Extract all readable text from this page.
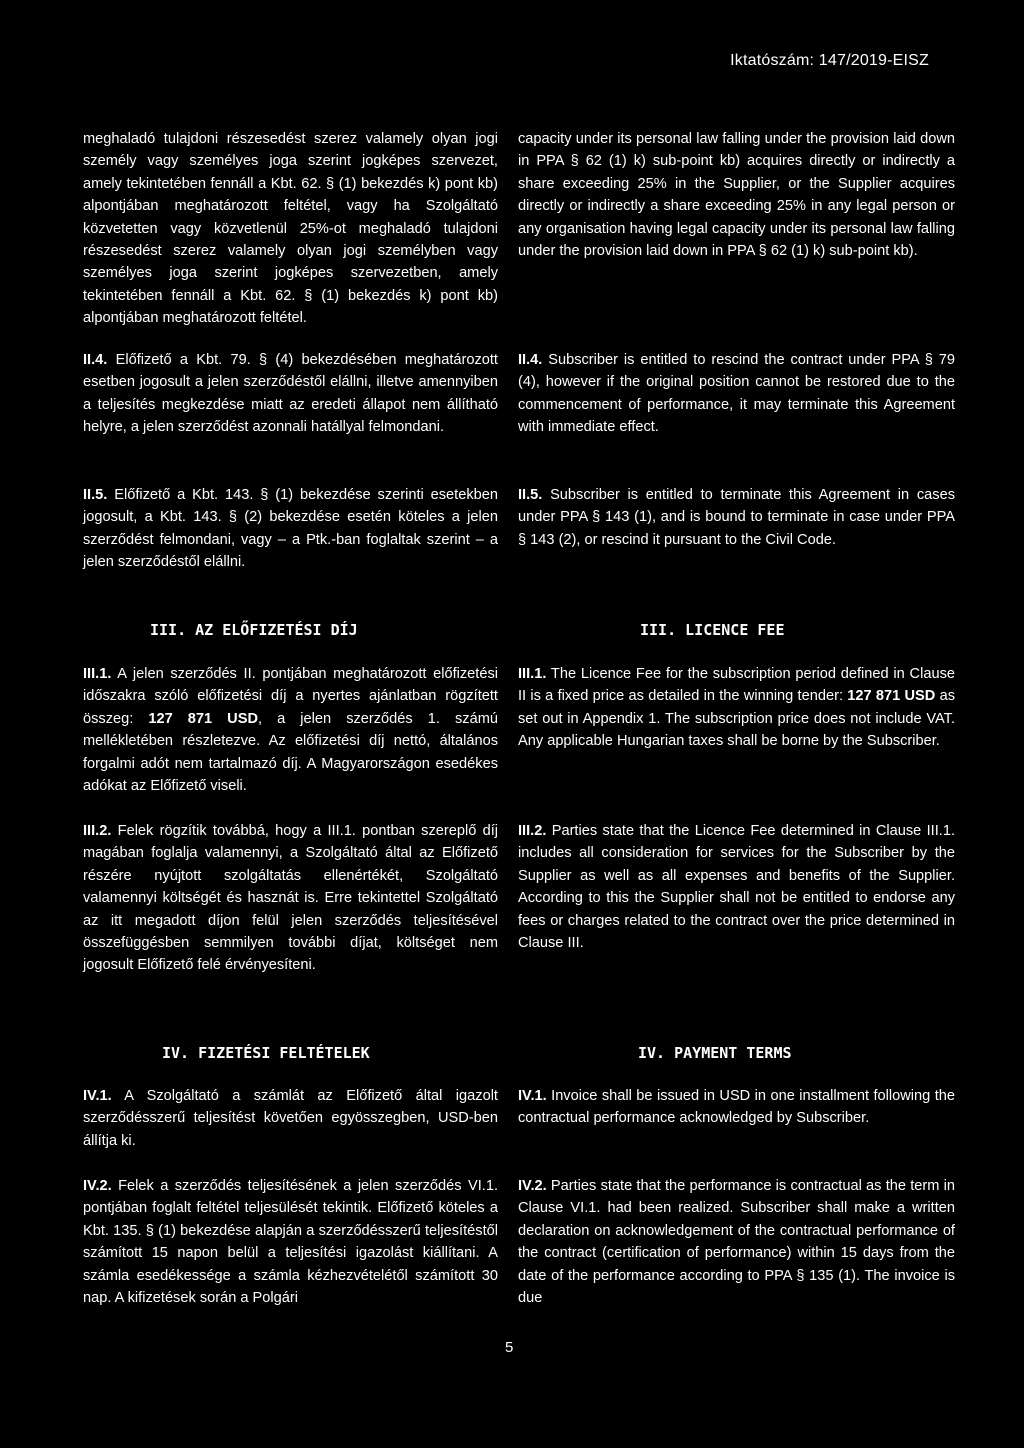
Iktatószám: 147/2019-EISZ

meghaladó tulajdoni részesedést szerez valamely olyan jogi személy vagy személyes joga szerint jogképes szervezet, amely tekintetében fennáll a Kbt. 62. § (1) bekezdés k) pont kb) alpontjában meghatározott feltétel, vagy ha Szolgáltató közvetetten vagy közvetlenül 25%-ot meghaladó tulajdoni részesedést szerez valamely olyan jogi személyben vagy személyes joga szerint jogképes szervezetben, amely tekintetében fennáll a Kbt. 62. § (1) bekezdés k) pont kb) alpontjában meghatározott feltétel.

II.4. Előfizető a Kbt. 79. § (4) bekezdésében meghatározott esetben jogosult a jelen szerződéstől elállni, illetve amennyiben a teljesítés megkezdése miatt az eredeti állapot nem állítható helyre, a jelen szerződést azonnali hatállyal felmondani.

II.5. Előfizető a Kbt. 143. § (1) bekezdése szerinti esetekben jogosult, a Kbt. 143. § (2) bekezdése esetén köteles a jelen szerződést felmondani, vagy – a Ptk.-ban foglaltak szerint – a jelen szerződéstől elállni.

III. AZ ELŐFIZETÉSI DÍJ

III.1. A jelen szerződés II. pontjában meghatározott előfizetési időszakra szóló előfizetési díj a nyertes ajánlatban rögzített összeg: 127 871 USD, a jelen szerződés 1. számú mellékletében részletezve. Az előfizetési díj nettó, általános forgalmi adót nem tartalmazó díj. A Magyarországon esedékes adókat az Előfizető viseli.

III.2. Felek rögzítik továbbá, hogy a III.1. pontban szereplő díj magában foglalja valamennyi, a Szolgáltató által az Előfizető részére nyújtott szolgáltatás ellenértékét, Szolgáltató valamennyi költségét és hasznát is. Erre tekintettel Szolgáltató az itt megadott díjon felül jelen szerződés teljesítésével összefüggésben semmilyen további díjat, költséget nem jogosult Előfizető felé érvényesíteni.

IV. FIZETÉSI FELTÉTELEK

IV.1. A Szolgáltató a számlát az Előfizető által igazolt szerződésszerű teljesítést követően egyösszegben, USD-ben állítja ki.

IV.2. Felek a szerződés teljesítésének a jelen szerződés VI.1. pontjában foglalt feltétel teljesülését tekintik. Előfizető köteles a Kbt. 135. § (1) bekezdése alapján a szerződésszerű teljesítéstől számított 15 napon belül a teljesítési igazolást kiállítani. A számla esedékessége a számla kézhezvételétől számított 30 nap. A kifizetések során a Polgári

capacity under its personal law falling under the provision laid down in PPA § 62 (1) k) sub-point kb) acquires directly or indirectly a share exceeding 25% in the Supplier, or the Supplier acquires directly or indirectly a share exceeding 25% in any legal person or any organisation having legal capacity under its personal law falling under the provision laid down in PPA § 62 (1) k) sub-point kb).

II.4. Subscriber is entitled to rescind the contract under PPA § 79 (4), however if the original position cannot be restored due to the commencement of performance, it may terminate this Agreement with immediate effect.

II.5. Subscriber is entitled to terminate this Agreement in cases under PPA § 143 (1), and is bound to terminate in case under PPA § 143 (2), or rescind it pursuant to the Civil Code.

III. LICENCE FEE

III.1. The Licence Fee for the subscription period defined in Clause II is a fixed price as detailed in the winning tender: 127 871 USD as set out in Appendix 1. The subscription price does not include VAT. Any applicable Hungarian taxes shall be borne by the Subscriber.

III.2. Parties state that the Licence Fee determined in Clause III.1. includes all consideration for services for the Subscriber by the Supplier as well as all expenses and benefits of the Supplier. According to this the Supplier shall not be entitled to endorse any fees or charges related to the contract over the price determined in Clause III.

IV. PAYMENT TERMS

IV.1. Invoice shall be issued in USD in one installment following the contractual performance acknowledged by Subscriber.

IV.2. Parties state that the performance is contractual as the term in Clause VI.1. had been realized. Subscriber shall make a written declaration on acknowledgement of the contractual performance of the contract (certification of performance) within 15 days from the date of the performance according to PPA § 135 (1). The invoice is due

5
